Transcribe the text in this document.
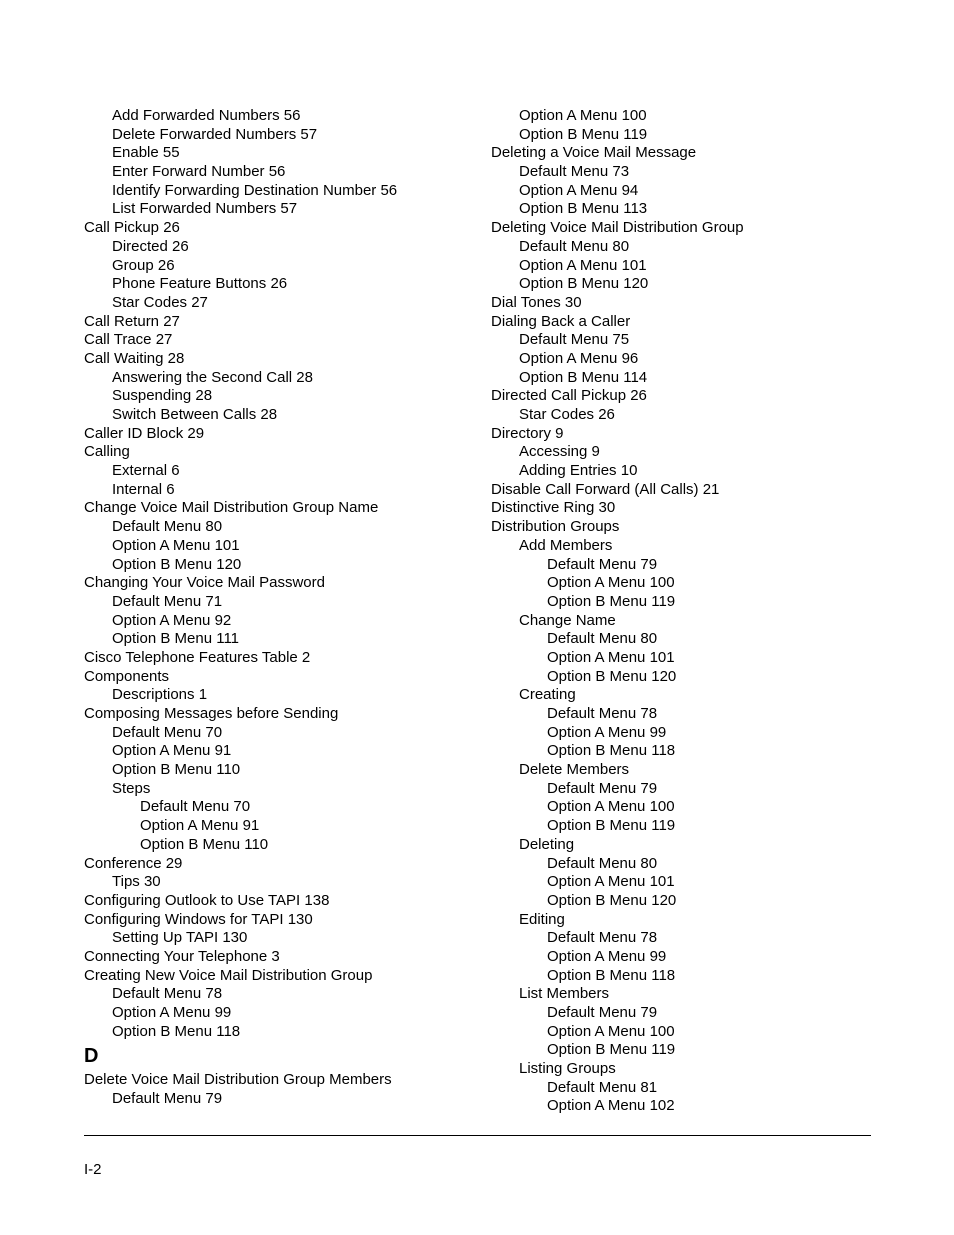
Add Forwarded Numbers 56
Delete Forwarded Numbers 57
Enable 55
Enter Forward Number 56
Identify Forwarding Destination Number 56
List Forwarded Numbers 57
Call Pickup 26
Directed 26
Group 26
Phone Feature Buttons 26
Star Codes 27
Call Return 27
Call Trace 27
Call Waiting 28
Answering the Second Call 28
Suspending 28
Switch Between Calls 28
Caller ID Block 29
Calling
External 6
Internal 6
Change Voice Mail Distribution Group Name
Default Menu 80
Option A Menu 101
Option B Menu 120
Changing Your Voice Mail Password
Default Menu 71
Option A Menu 92
Option B Menu 111
Cisco Telephone Features Table 2
Components
Descriptions 1
Composing Messages before Sending
Default Menu 70
Option A Menu 91
Option B Menu 110
Steps
Default Menu 70
Option A Menu 91
Option B Menu 110
Conference 29
Tips 30
Configuring Outlook to Use TAPI 138
Configuring Windows for TAPI 130
Setting Up TAPI 130
Connecting Your Telephone 3
Creating New Voice Mail Distribution Group
Default Menu 78
Option A Menu 99
Option B Menu 118
D
Delete Voice Mail Distribution Group Members
Default Menu 79
Option A Menu 100
Option B Menu 119
Deleting a Voice Mail Message
Default Menu 73
Option A Menu 94
Option B Menu 113
Deleting Voice Mail Distribution Group
Default Menu 80
Option A Menu 101
Option B Menu 120
Dial Tones 30
Dialing Back a Caller
Default Menu 75
Option A Menu 96
Option B Menu 114
Directed Call Pickup 26
Star Codes 26
Directory 9
Accessing 9
Adding Entries 10
Disable Call Forward (All Calls) 21
Distinctive Ring 30
Distribution Groups
Add Members
Default Menu 79
Option A Menu 100
Option B Menu 119
Change Name
Default Menu 80
Option A Menu 101
Option B Menu 120
Creating
Default Menu 78
Option A Menu 99
Option B Menu 118
Delete Members
Default Menu 79
Option A Menu 100
Option B Menu 119
Deleting
Default Menu 80
Option A Menu 101
Option B Menu 120
Editing
Default Menu 78
Option A Menu 99
Option B Menu 118
List Members
Default Menu 79
Option A Menu 100
Option B Menu 119
Listing Groups
Default Menu 81
Option A Menu 102
I-2
